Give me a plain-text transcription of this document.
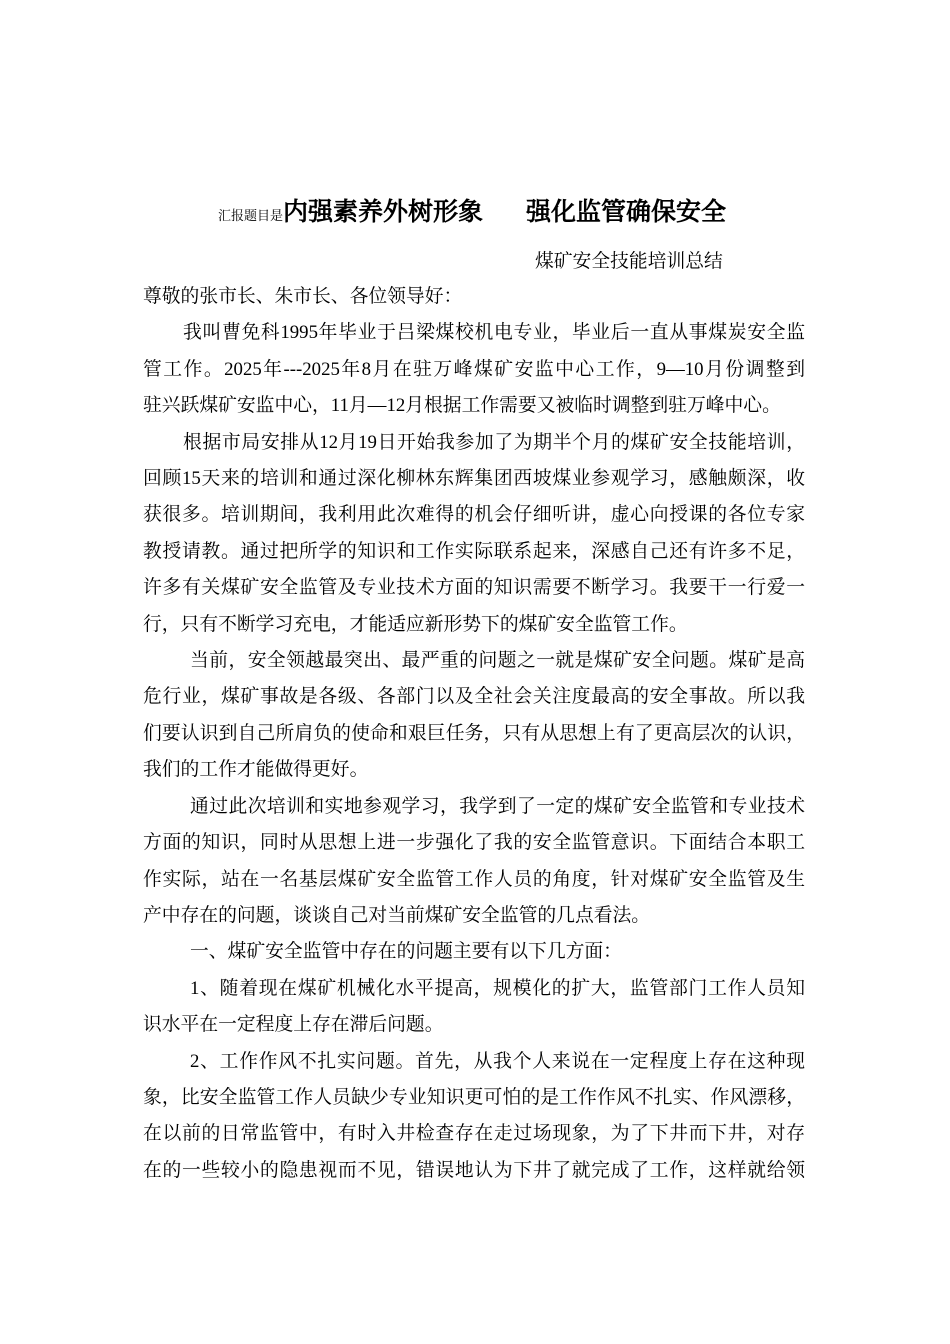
汇报题目是内强素养外树形象 强化监管确保安全
煤矿安全技能培训总结
尊敬的张市长、朱市长、各位领导好：
我叫曹免科1995年毕业于吕梁煤校机电专业，毕业后一直从事煤炭安全监
管工作。2025年---2025年8月在驻万峰煤矿安监中心工作，9—10月份调整到
驻兴跃煤矿安监中心，11月—12月根据工作需要又被临时调整到驻万峰中心。
根据市局安排从12月19日开始我参加了为期半个月的煤矿安全技能培训，
回顾15天来的培训和通过深化柳林东辉集团西坡煤业参观学习，感触颇深，收
获很多。培训期间，我利用此次难得的机会仔细听讲，虚心向授课的各位专家
教授请教。通过把所学的知识和工作实际联系起来，深感自己还有许多不足，
许多有关煤矿安全监管及专业技术方面的知识需要不断学习。我要干一行爱一
行，只有不断学习充电，才能适应新形势下的煤矿安全监管工作。
当前，安全领越最突出、最严重的问题之一就是煤矿安全问题。煤矿是高
危行业，煤矿事故是各级、各部门以及全社会关注度最高的安全事故。所以我
们要认识到自己所肩负的使命和艰巨任务，只有从思想上有了更高层次的认识，
我们的工作才能做得更好。
通过此次培训和实地参观学习，我学到了一定的煤矿安全监管和专业技术
方面的知识，同时从思想上进一步强化了我的安全监管意识。下面结合本职工
作实际，站在一名基层煤矿安全监管工作人员的角度，针对煤矿安全监管及生
产中存在的问题，谈谈自己对当前煤矿安全监管的几点看法。
一、煤矿安全监管中存在的问题主要有以下几方面：
1、随着现在煤矿机械化水平提高，规模化的扩大，监管部门工作人员知
识水平在一定程度上存在滞后问题。
2、工作作风不扎实问题。首先，从我个人来说在一定程度上存在这种现
象，比安全监管工作人员缺少专业知识更可怕的是工作作风不扎实、作风漂移，
在以前的日常监管中，有时入井检查存在走过场现象，为了下井而下井，对存
在的一些较小的隐患视而不见，错误地认为下井了就完成了工作，这样就给领
